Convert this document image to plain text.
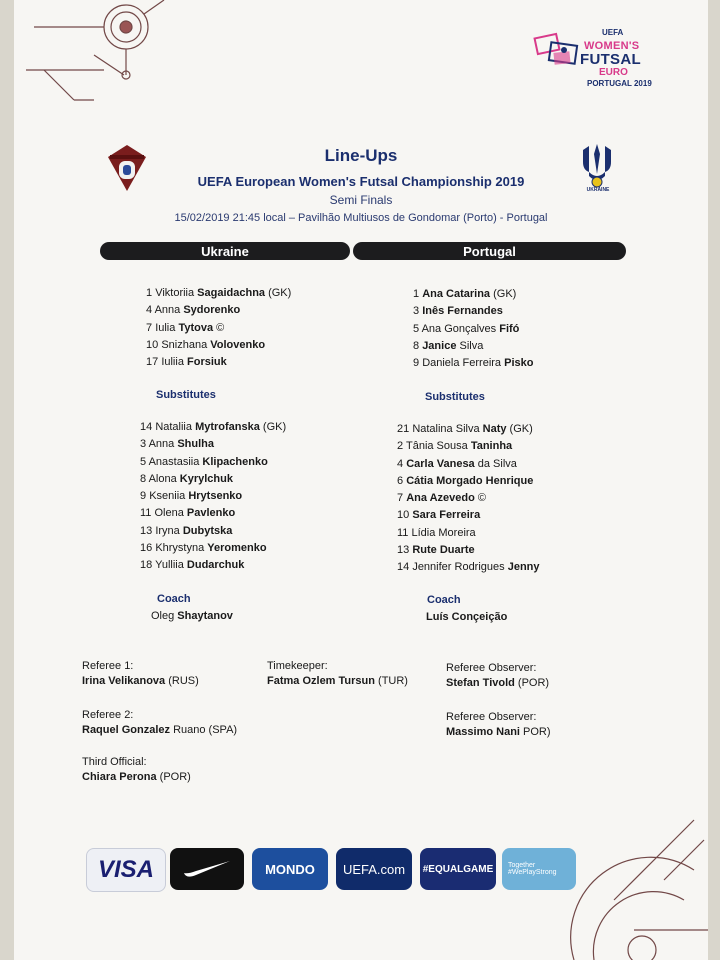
UEFA
WOMEN'S
FUTSAL
EURO
PORTUGAL 2019
UKRAINE
Line-Ups
UEFA European Women's Futsal Championship 2019
Semi Finals
15/02/2019 21:45 local – Pavilhão Multiusos de Gondomar (Porto) - Portugal
Ukraine	Portugal
1 Viktoriia Sagaidachna (GK)
4 Anna Sydorenko
7 Iulia Tytova ©
10 Snizhana Volovenko
17 Iuliia Forsiuk
1 Ana Catarina (GK)
3 Inês Fernandes
5 Ana Gonçalves Fifó
8 Janice Silva
9 Daniela Ferreira Pisko
Substitutes	Substitutes
14 Nataliia Mytrofanska (GK)
3 Anna Shulha
5 Anastasiia Klipachenko
8 Alona Kyrylchuk
9 Kseniia Hrytsenko
11 Olena Pavlenko
13 Iryna Dubytska
16 Khrystyna Yeromenko
18 Yulliia Dudarchuk
21 Natalina Silva Naty (GK)
2 Tânia Sousa Taninha
4 Carla Vanesa da Silva
6 Cátia Morgado Henrique
7 Ana Azevedo ©
10 Sara Ferreira
11 Lídia Moreira
13 Rute Duarte
14 Jennifer Rodrigues Jenny
Coach
Oleg Shaytanov
Coach
Luís Conçeição
Referee 1:
Irina Velikanova (RUS)
Referee 2:
Raquel Gonzalez Ruano (SPA)
Third Official:
Chiara Perona (POR)
Timekeeper:
Fatma Ozlem Tursun (TUR)
Referee Observer:
Stefan Tivold (POR)
Referee Observer:
Massimo Nani POR)
VISA	MONDO UEFA.com #EQUALGAME	Together #WePlayStrong
